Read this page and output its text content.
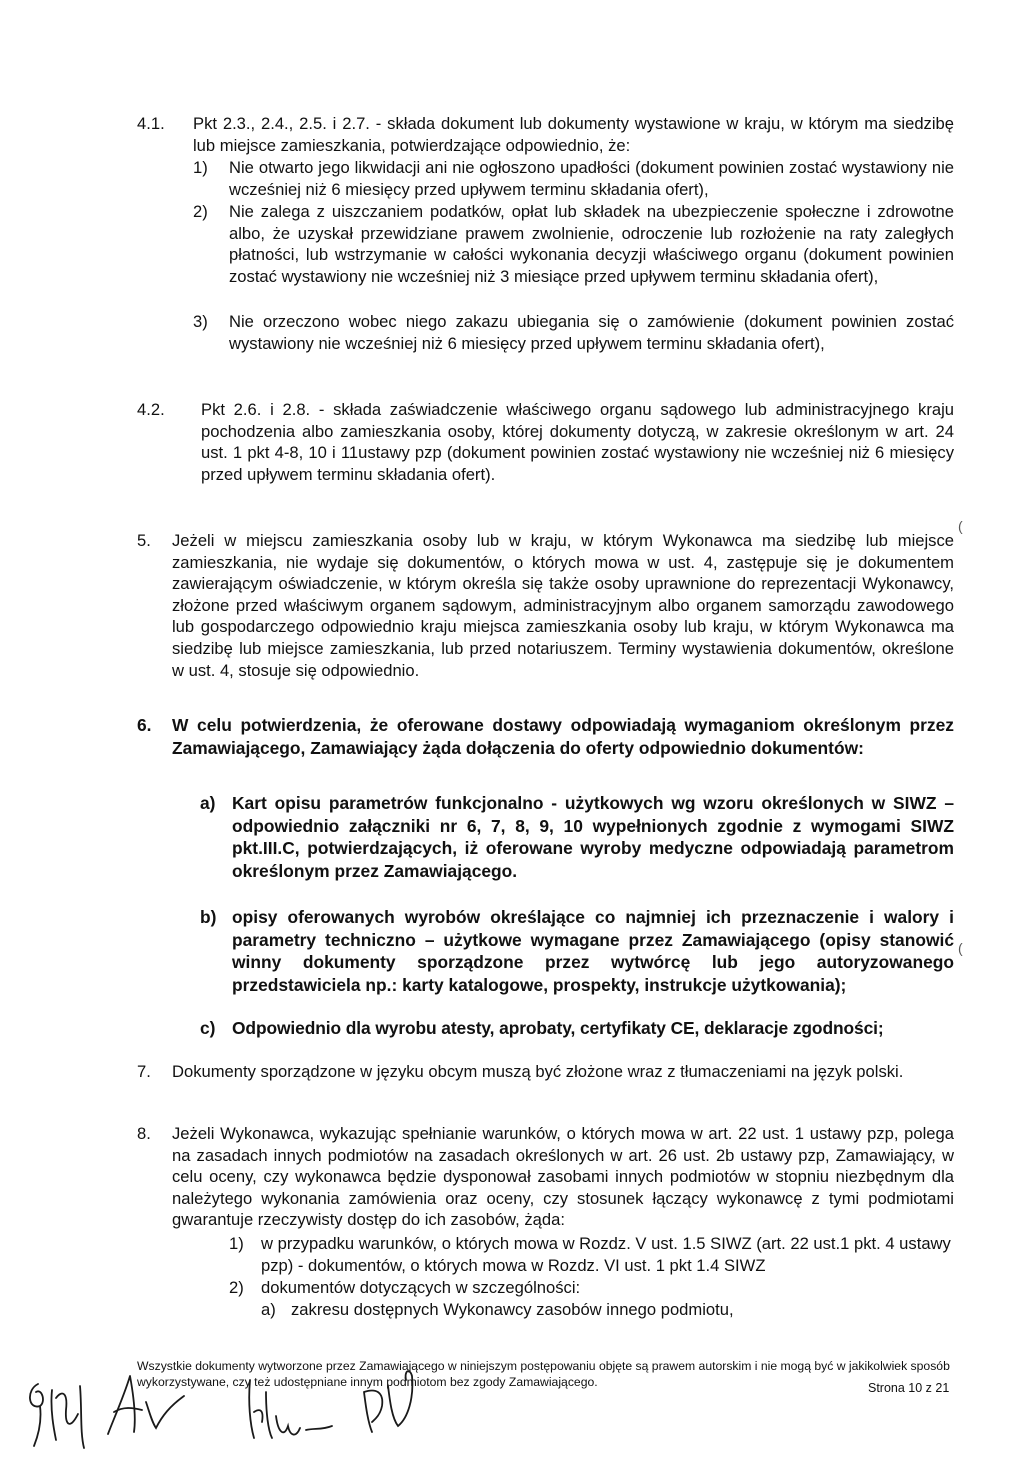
4.1. Pkt 2.3., 2.4., 2.5. i 2.7. - składa dokument lub dokumenty wystawione w kraju, w którym ma siedzibę lub miejsce zamieszkania, potwierdzające odpowiednio, że:

1) Nie otwarto jego likwidacji ani nie ogłoszono upadłości (dokument powinien zostać wystawiony nie wcześniej niż 6 miesięcy przed upływem terminu składania ofert),

2) Nie zalega z uiszczaniem podatków, opłat lub składek na ubezpieczenie społeczne i zdrowotne albo, że uzyskał przewidziane prawem zwolnienie, odroczenie lub rozłożenie na raty zaległych płatności, lub wstrzymanie w całości wykonania decyzji właściwego organu (dokument powinien zostać wystawiony nie wcześniej niż 3 miesiące przed upływem terminu składania ofert),

3) Nie orzeczono wobec niego zakazu ubiegania się o zamówienie (dokument powinien zostać wystawiony nie wcześniej niż 6 miesięcy przed upływem terminu składania ofert),

4.2. Pkt 2.6. i 2.8. - składa zaświadczenie właściwego organu sądowego lub administracyjnego kraju pochodzenia albo zamieszkania osoby, której dokumenty dotyczą, w zakresie określonym w art. 24 ust. 1 pkt 4-8, 10 i 11ustawy pzp (dokument powinien zostać wystawiony nie wcześniej niż 6 miesięcy przed upływem terminu składania ofert).

5. Jeżeli w miejscu zamieszkania osoby lub w kraju, w którym Wykonawca ma siedzibę lub miejsce zamieszkania, nie wydaje się dokumentów, o których mowa w ust. 4, zastępuje się je dokumentem zawierającym oświadczenie, w którym określa się także osoby uprawnione do reprezentacji Wykonawcy, złożone przed właściwym organem sądowym, administracyjnym albo organem samorządu zawodowego lub gospodarczego odpowiednio kraju miejsca zamieszkania osoby lub kraju, w którym Wykonawca ma siedzibę lub miejsce zamieszkania, lub przed notariuszem. Terminy wystawienia dokumentów, określone w ust. 4, stosuje się odpowiednio.

6. W celu potwierdzenia, że oferowane dostawy odpowiadają wymaganiom określonym przez Zamawiającego, Zamawiający żąda dołączenia do oferty odpowiednio dokumentów:

a) Kart opisu parametrów funkcjonalno - użytkowych wg wzoru określonych w SIWZ – odpowiednio załączniki nr 6, 7, 8, 9, 10 wypełnionych zgodnie z wymogami SIWZ pkt.III.C, potwierdzających, iż oferowane wyroby medyczne odpowiadają parametrom określonym przez Zamawiającego.

b) opisy oferowanych wyrobów określające co najmniej ich przeznaczenie i walory i parametry techniczno – użytkowe wymagane przez Zamawiającego (opisy stanowić winny dokumenty sporządzone przez wytwórcę lub jego autoryzowanego przedstawiciela np.: karty katalogowe, prospekty, instrukcje użytkowania);

c) Odpowiednio dla wyrobu atesty, aprobaty, certyfikaty CE, deklaracje zgodności;

7. Dokumenty sporządzone w języku obcym muszą być złożone wraz z tłumaczeniami na język polski.

8. Jeżeli Wykonawca, wykazując spełnianie warunków, o których mowa w art. 22 ust. 1 ustawy pzp, polega na zasadach innych podmiotów na zasadach określonych w art. 26 ust. 2b ustawy pzp, Zamawiający, w celu oceny, czy wykonawca będzie dysponował zasobami innych podmiotów w stopniu niezbędnym dla należytego wykonania zamówienia oraz oceny, czy stosunek łączący wykonawcę z tymi podmiotami gwarantuje rzeczywisty dostęp do ich zasobów, żąda:

1) w przypadku warunków, o których mowa w Rozdz. V ust. 1.5 SIWZ (art. 22 ust.1 pkt. 4 ustawy pzp) - dokumentów, o których mowa w Rozdz. VI ust. 1 pkt 1.4 SIWZ

2) dokumentów dotyczących w szczególności:

a) zakresu dostępnych Wykonawcy zasobów innego podmiotu,

(
(

Wszystkie dokumenty wytworzone przez Zamawiającego w niniejszym postępowaniu objęte są prawem autorskim i nie mogą być w jakikolwiek sposób wykorzystywane, czy też udostępniane innym podmiotom bez zgody Zamawiającego.	Strona 10 z 21
